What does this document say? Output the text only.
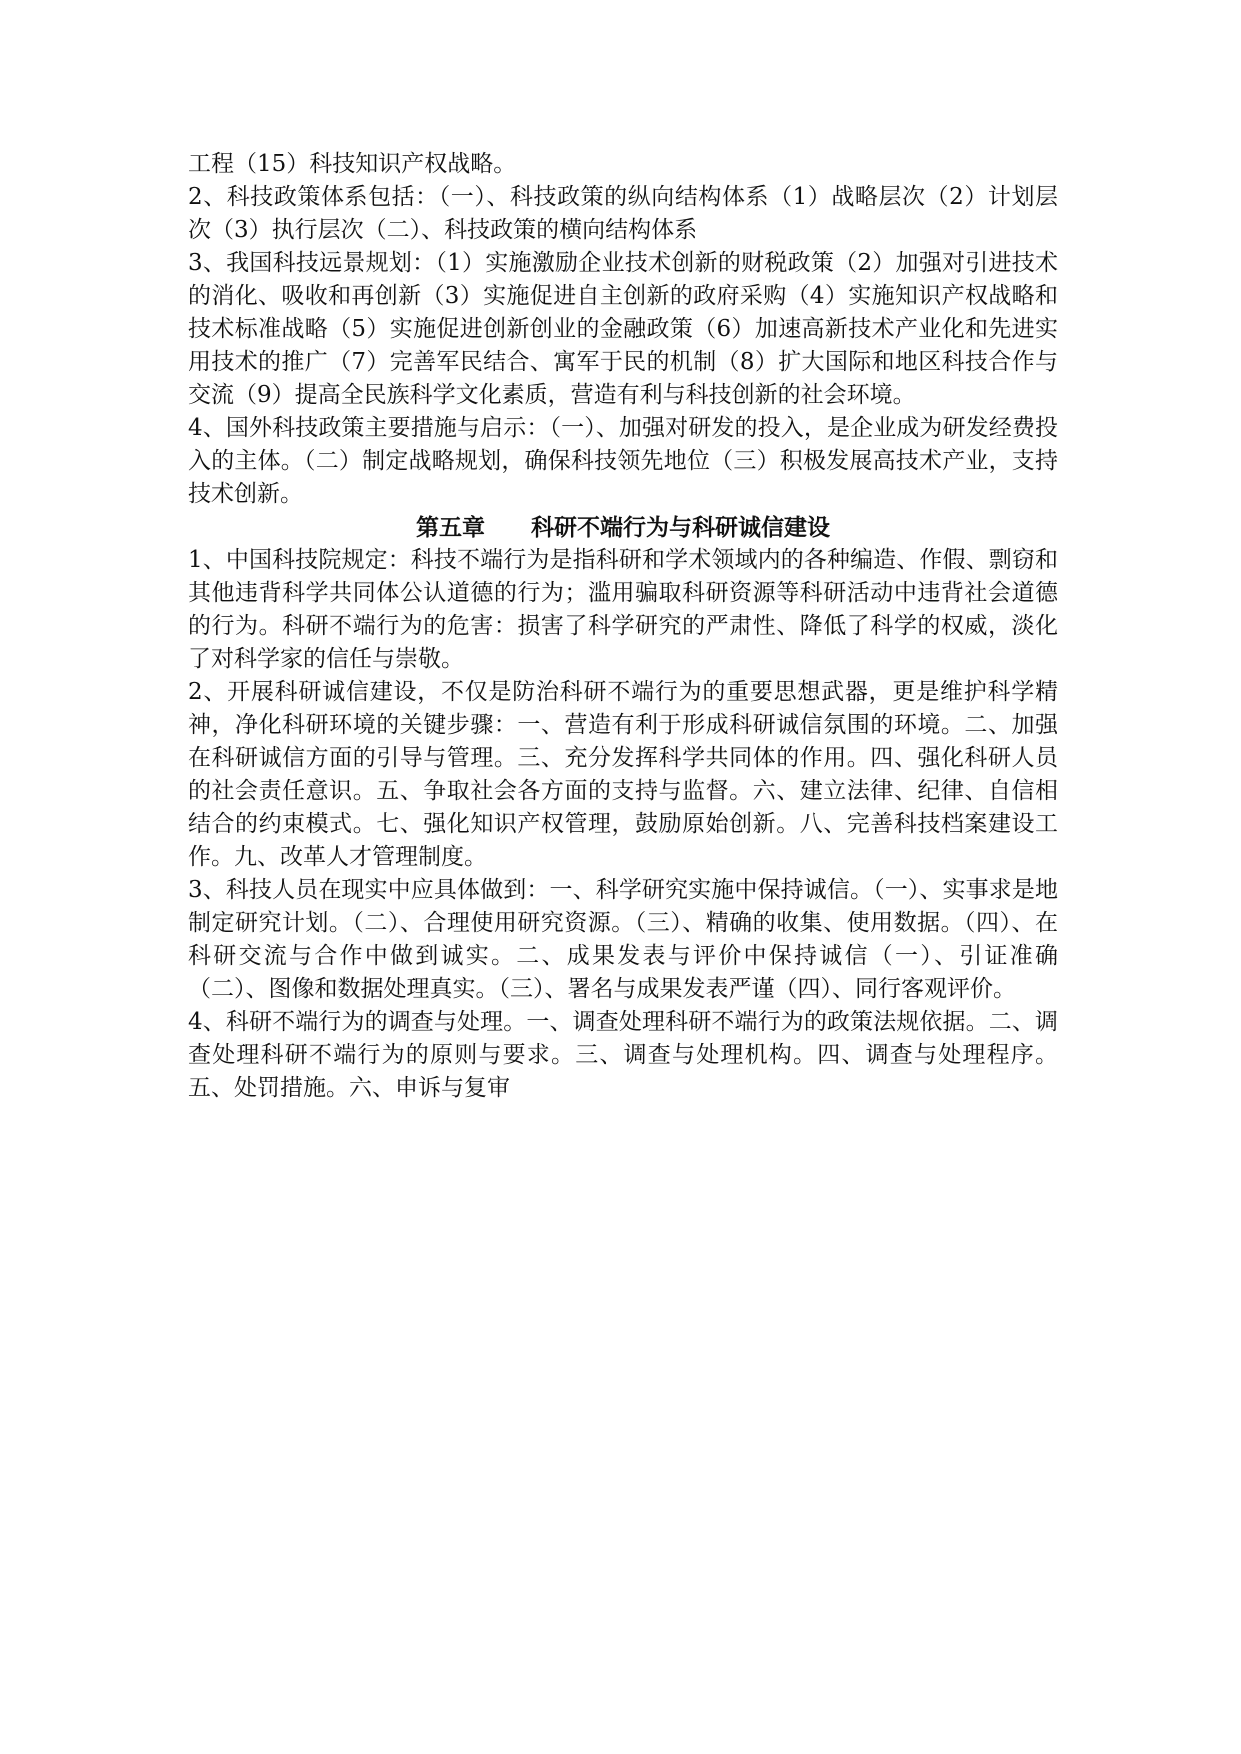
工程（15）科技知识产权战略。

2、科技政策体系包括：（一）、科技政策的纵向结构体系（1）战略层次（2）计划层次（3）执行层次（二）、科技政策的横向结构体系

3、我国科技远景规划：（1）实施激励企业技术创新的财税政策（2）加强对引进技术的消化、吸收和再创新（3）实施促进自主创新的政府采购（4）实施知识产权战略和技术标准战略（5）实施促进创新创业的金融政策（6）加速高新技术产业化和先进实用技术的推广（7）完善军民结合、寓军于民的机制（8）扩大国际和地区科技合作与交流（9）提高全民族科学文化素质，营造有利与科技创新的社会环境。

4、国外科技政策主要措施与启示：（一）、加强对研发的投入，是企业成为研发经费投入的主体。（二）制定战略规划，确保科技领先地位（三）积极发展高技术产业，支持技术创新。

第五章　　科研不端行为与科研诚信建设

1、中国科技院规定：科技不端行为是指科研和学术领域内的各种编造、作假、剽窃和其他违背科学共同体公认道德的行为；滥用骗取科研资源等科研活动中违背社会道德的行为。科研不端行为的危害：损害了科学研究的严肃性、降低了科学的权威，淡化了对科学家的信任与崇敬。

2、开展科研诚信建设，不仅是防治科研不端行为的重要思想武器，更是维护科学精神，净化科研环境的关键步骤：一、营造有利于形成科研诚信氛围的环境。二、加强在科研诚信方面的引导与管理。三、充分发挥科学共同体的作用。四、强化科研人员的社会责任意识。五、争取社会各方面的支持与监督。六、建立法律、纪律、自信相结合的约束模式。七、强化知识产权管理，鼓励原始创新。八、完善科技档案建设工作。九、改革人才管理制度。

3、科技人员在现实中应具体做到：一、科学研究实施中保持诚信。（一）、实事求是地制定研究计划。（二）、合理使用研究资源。（三）、精确的收集、使用数据。（四）、在科研交流与合作中做到诚实。二、成果发表与评价中保持诚信（一）、引证准确（二）、图像和数据处理真实。（三）、署名与成果发表严谨（四）、同行客观评价。

4、科研不端行为的调查与处理。一、调查处理科研不端行为的政策法规依据。二、调查处理科研不端行为的原则与要求。三、调查与处理机构。四、调查与处理程序。五、处罚措施。六、申诉与复审
